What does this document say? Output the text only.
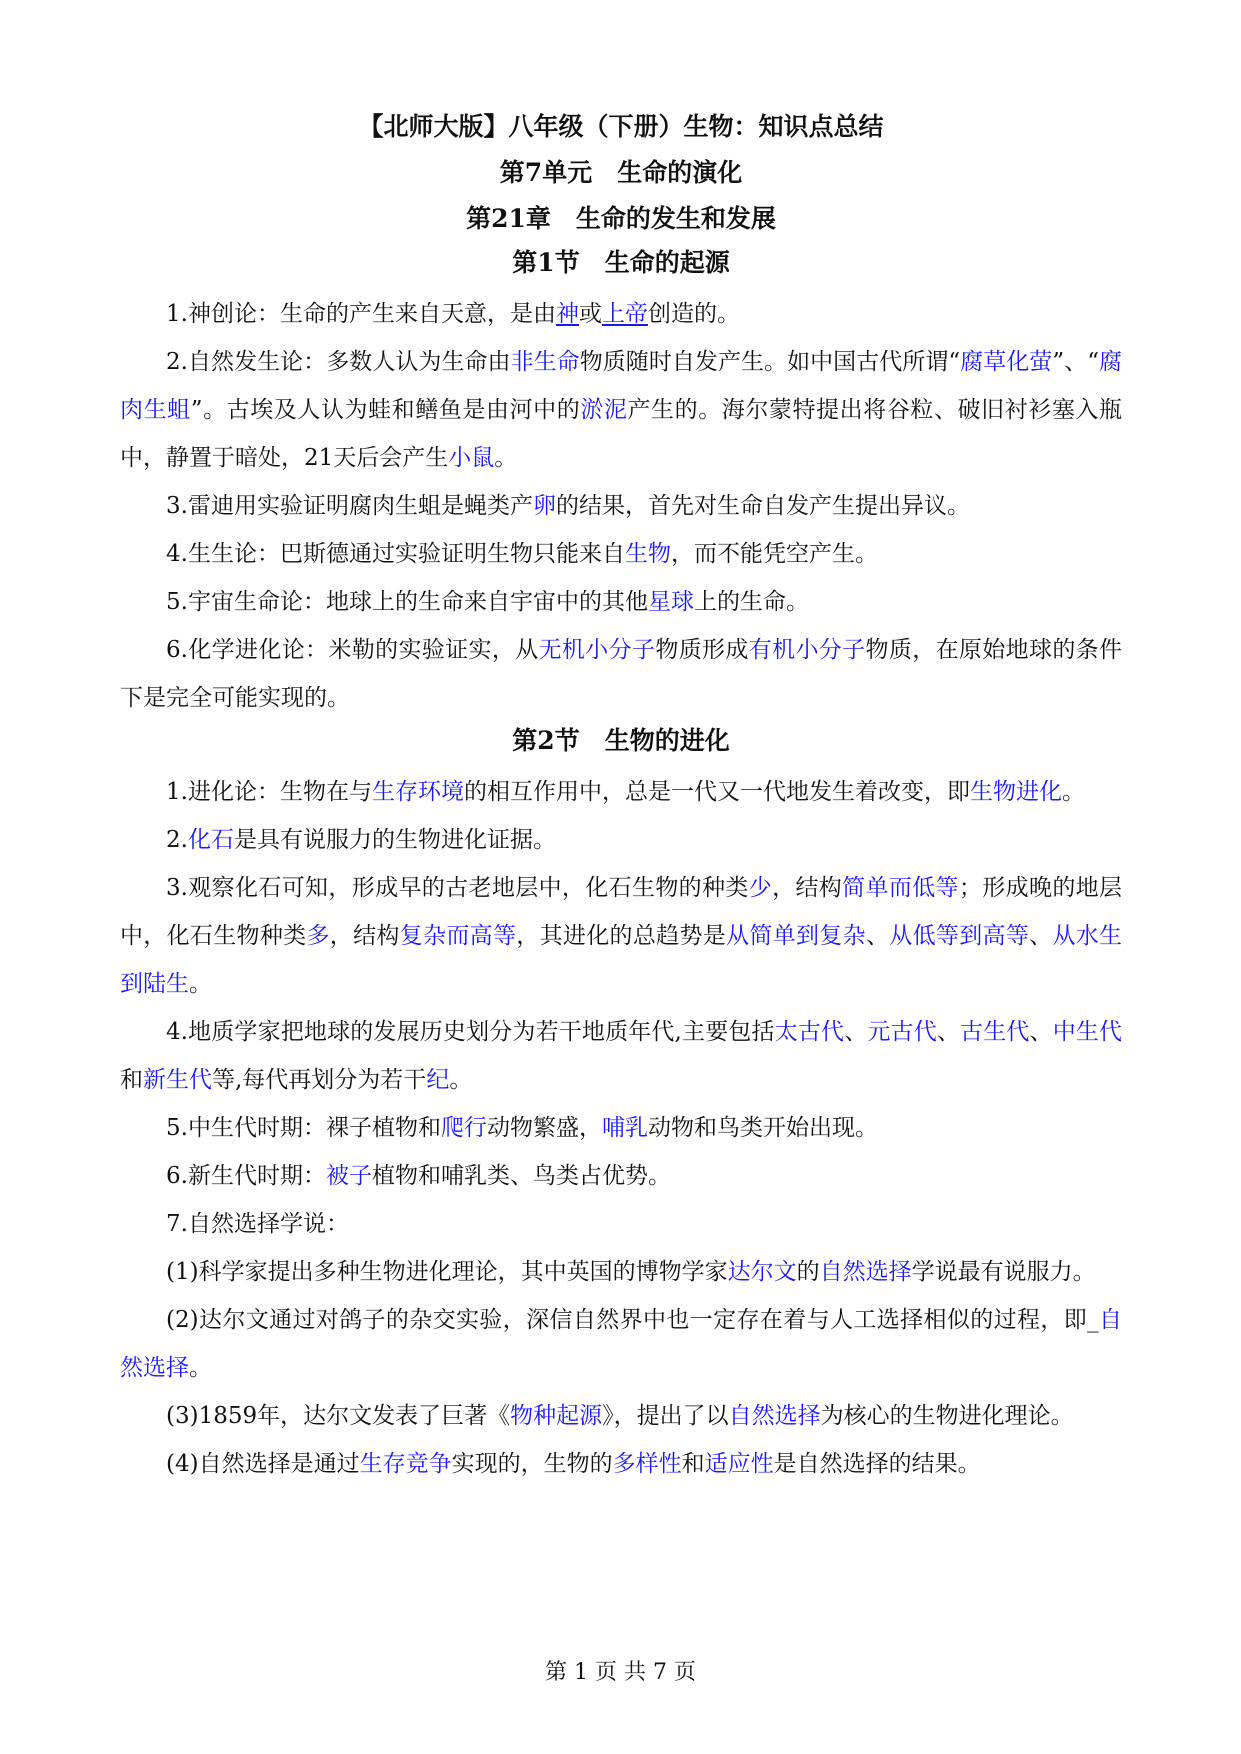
【北师大版】八年级（下册）生物：知识点总结
第7单元　生命的演化
第21章　生命的发生和发展
第1节　生命的起源

1.神创论：生命的产生来自天意，是由神或上帝创造的。

2.自然发生论：多数人认为生命由非生命物质随时自发产生。如中国古代所谓“腐草化萤”、“腐肉生蛆”。古埃及人认为蛙和鳝鱼是由河中的淤泥产生的。海尔蒙特提出将谷粒、破旧衬衫塞入瓶中，静置于暗处，21天后会产生小鼠。

3.雷迪用实验证明腐肉生蛆是蝇类产卵的结果，首先对生命自发产生提出异议。

4.生生论：巴斯德通过实验证明生物只能来自生物，而不能凭空产生。

5.宇宙生命论：地球上的生命来自宇宙中的其他星球上的生命。

6.化学进化论：米勒的实验证实，从无机小分子物质形成有机小分子物质，在原始地球的条件下是完全可能实现的。

第2节　生物的进化

1.进化论：生物在与生存环境的相互作用中，总是一代又一代地发生着改变，即生物进化。

2.化石是具有说服力的生物进化证据。

3.观察化石可知，形成早的古老地层中，化石生物的种类少，结构简单而低等；形成晚的地层中，化石生物种类多，结构复杂而高等，其进化的总趋势是从简单到复杂、从低等到高等、从水生到陆生。

4.地质学家把地球的发展历史划分为若干地质年代,主要包括太古代、元古代、古生代、中生代和新生代等,每代再划分为若干纪。

5.中生代时期：裸子植物和爬行动物繁盛，哺乳动物和鸟类开始出现。

6.新生代时期：被子植物和哺乳类、鸟类占优势。

7.自然选择学说：

(1)科学家提出多种生物进化理论，其中英国的博物学家达尔文的自然选择学说最有说服力。

(2)达尔文通过对鸽子的杂交实验，深信自然界中也一定存在着与人工选择相似的过程，即_自然选择。

(3)1859年，达尔文发表了巨著《物种起源》，提出了以自然选择为核心的生物进化理论。

(4)自然选择是通过生存竞争实现的，生物的多样性和适应性是自然选择的结果。

第 1 页 共 7 页
